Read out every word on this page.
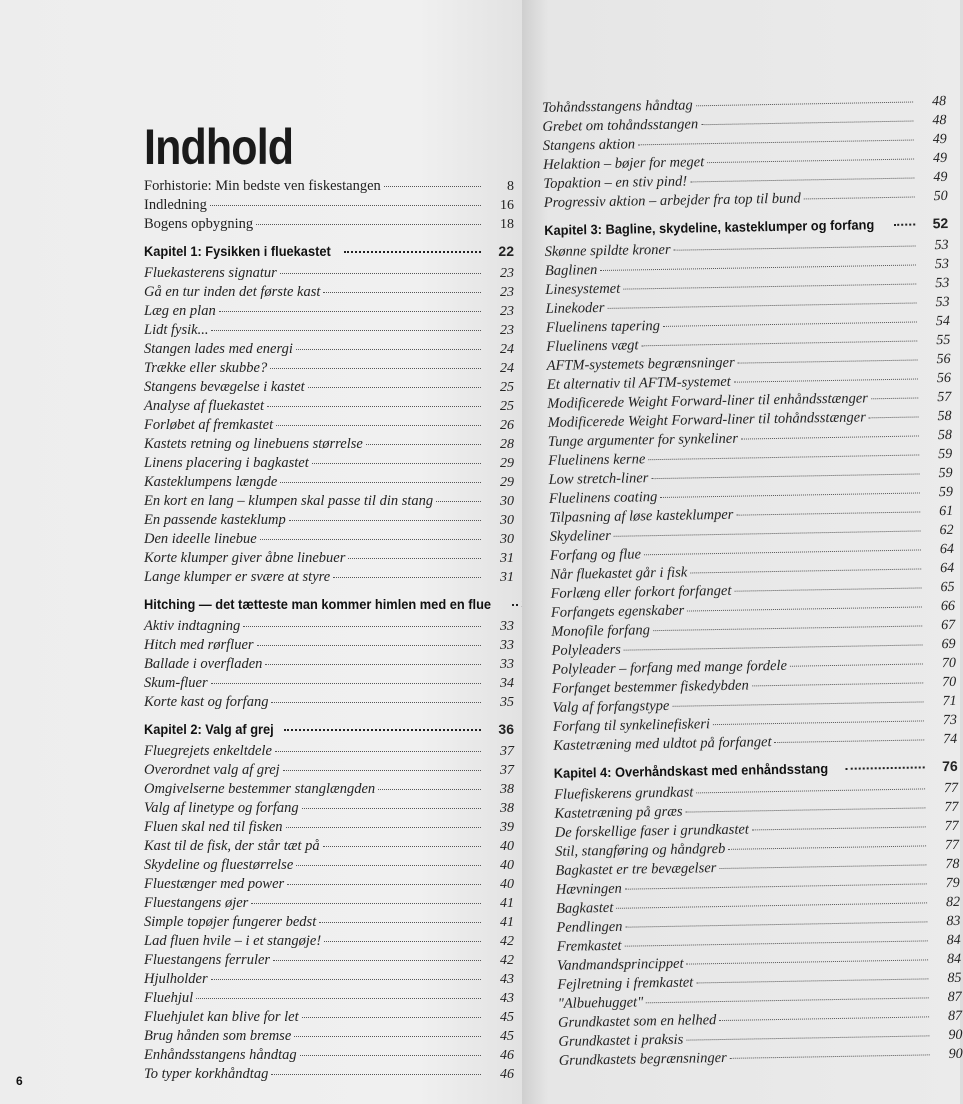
Indhold
Forhistorie: Min bedste ven fiskestangen	8
Indledning	16
Bogens opbygning	18
Kapitel 1: Fysikken i fluekastet	22
Fluekasterens signatur	23
Gå en tur inden det første kast	23
Læg en plan	23
Lidt fysik...	23
Stangen lades med energi	24
Trække eller skubbe?	24
Stangens bevægelse i kastet	25
Analyse af fluekastet	25
Forløbet af fremkastet	26
Kastets retning og linebuens størrelse	28
Linens placering i bagkastet	29
Kasteklumpens længde	29
En kort en lang – klumpen skal passe til din stang	30
En passende kasteklump	30
Den ideelle linebue	30
Korte klumper giver åbne linebuer	31
Lange klumper er svære at styre	31
Hitching — det tætteste man kommer himlen med en flue
Aktiv indtagning	33
Hitch med rørfluer	33
Ballade i overfladen	33
Skum-fluer	34
Korte kast og forfang	35
Kapitel 2: Valg af grej	36
Fluegrejets enkeltdele	37
Overordnet valg af grej	37
Omgivelserne bestemmer stanglængden	38
Valg af linetype og forfang	38
Fluen skal ned til fisken	39
Kast til de fisk, der står tæt på	40
Skydeline og fluestørrelse	40
Fluestænger med power	40
Fluestangens øjer	41
Simple topøjer fungerer bedst	41
Lad fluen hvile – i et stangøje!	42
Fluestangens ferruler	42
Hjulholder	43
Fluehjul	43
Fluehjulet kan blive for let	45
Brug hånden som bremse	45
Enhåndsstangens håndtag	46
To typer korkhåndtag	46
6
Tohåndsstangens håndtag	48
Grebet om tohåndsstangen	48
Stangens aktion	49
Helaktion – bøjer for meget	49
Topaktion – en stiv pind!	49
Progressiv aktion – arbejder fra top til bund	50
Kapitel 3: Bagline, skydeline, kasteklumper og forfang	52
Skønne spildte kroner	53
Baglinen	53
Linesystemet	53
Linekoder	53
Fluelinens tapering	54
Fluelinens vægt	55
AFTM-systemets begrænsninger	56
Et alternativ til AFTM-systemet	56
Modificerede Weight Forward-liner til enhåndsstænger	57
Modificerede Weight Forward-liner til tohåndsstænger	58
Tunge argumenter for synkeliner	58
Fluelinens kerne	59
Low stretch-liner	59
Fluelinens coating	59
Tilpasning af løse kasteklumper	61
Skydeliner	62
Forfang og flue	64
Når fluekastet går i fisk	64
Forlæng eller forkort forfanget	65
Forfangets egenskaber	66
Monofile forfang	67
Polyleaders	69
Polyleader – forfang med mange fordele	70
Forfanget bestemmer fiskedybden	70
Valg af forfangstype	71
Forfang til synkelinefiskeri	73
Kastetræning med uldtot på forfanget	74
Kapitel 4: Overhåndskast med enhåndsstang	76
Fluefiskerens grundkast	77
Kastetræning på græs	77
De forskellige faser i grundkastet	77
Stil, stangføring og håndgreb	77
Bagkastet er tre bevægelser	78
Hævningen	79
Bagkastet	82
Pendlingen	83
Fremkastet	84
Vandmandsprincippet	84
Fejlretning i fremkastet	85
"Albuehugget"	87
Grundkastet som en helhed	87
Grundkastet i praksis	90
Grundkastets begrænsninger	90
